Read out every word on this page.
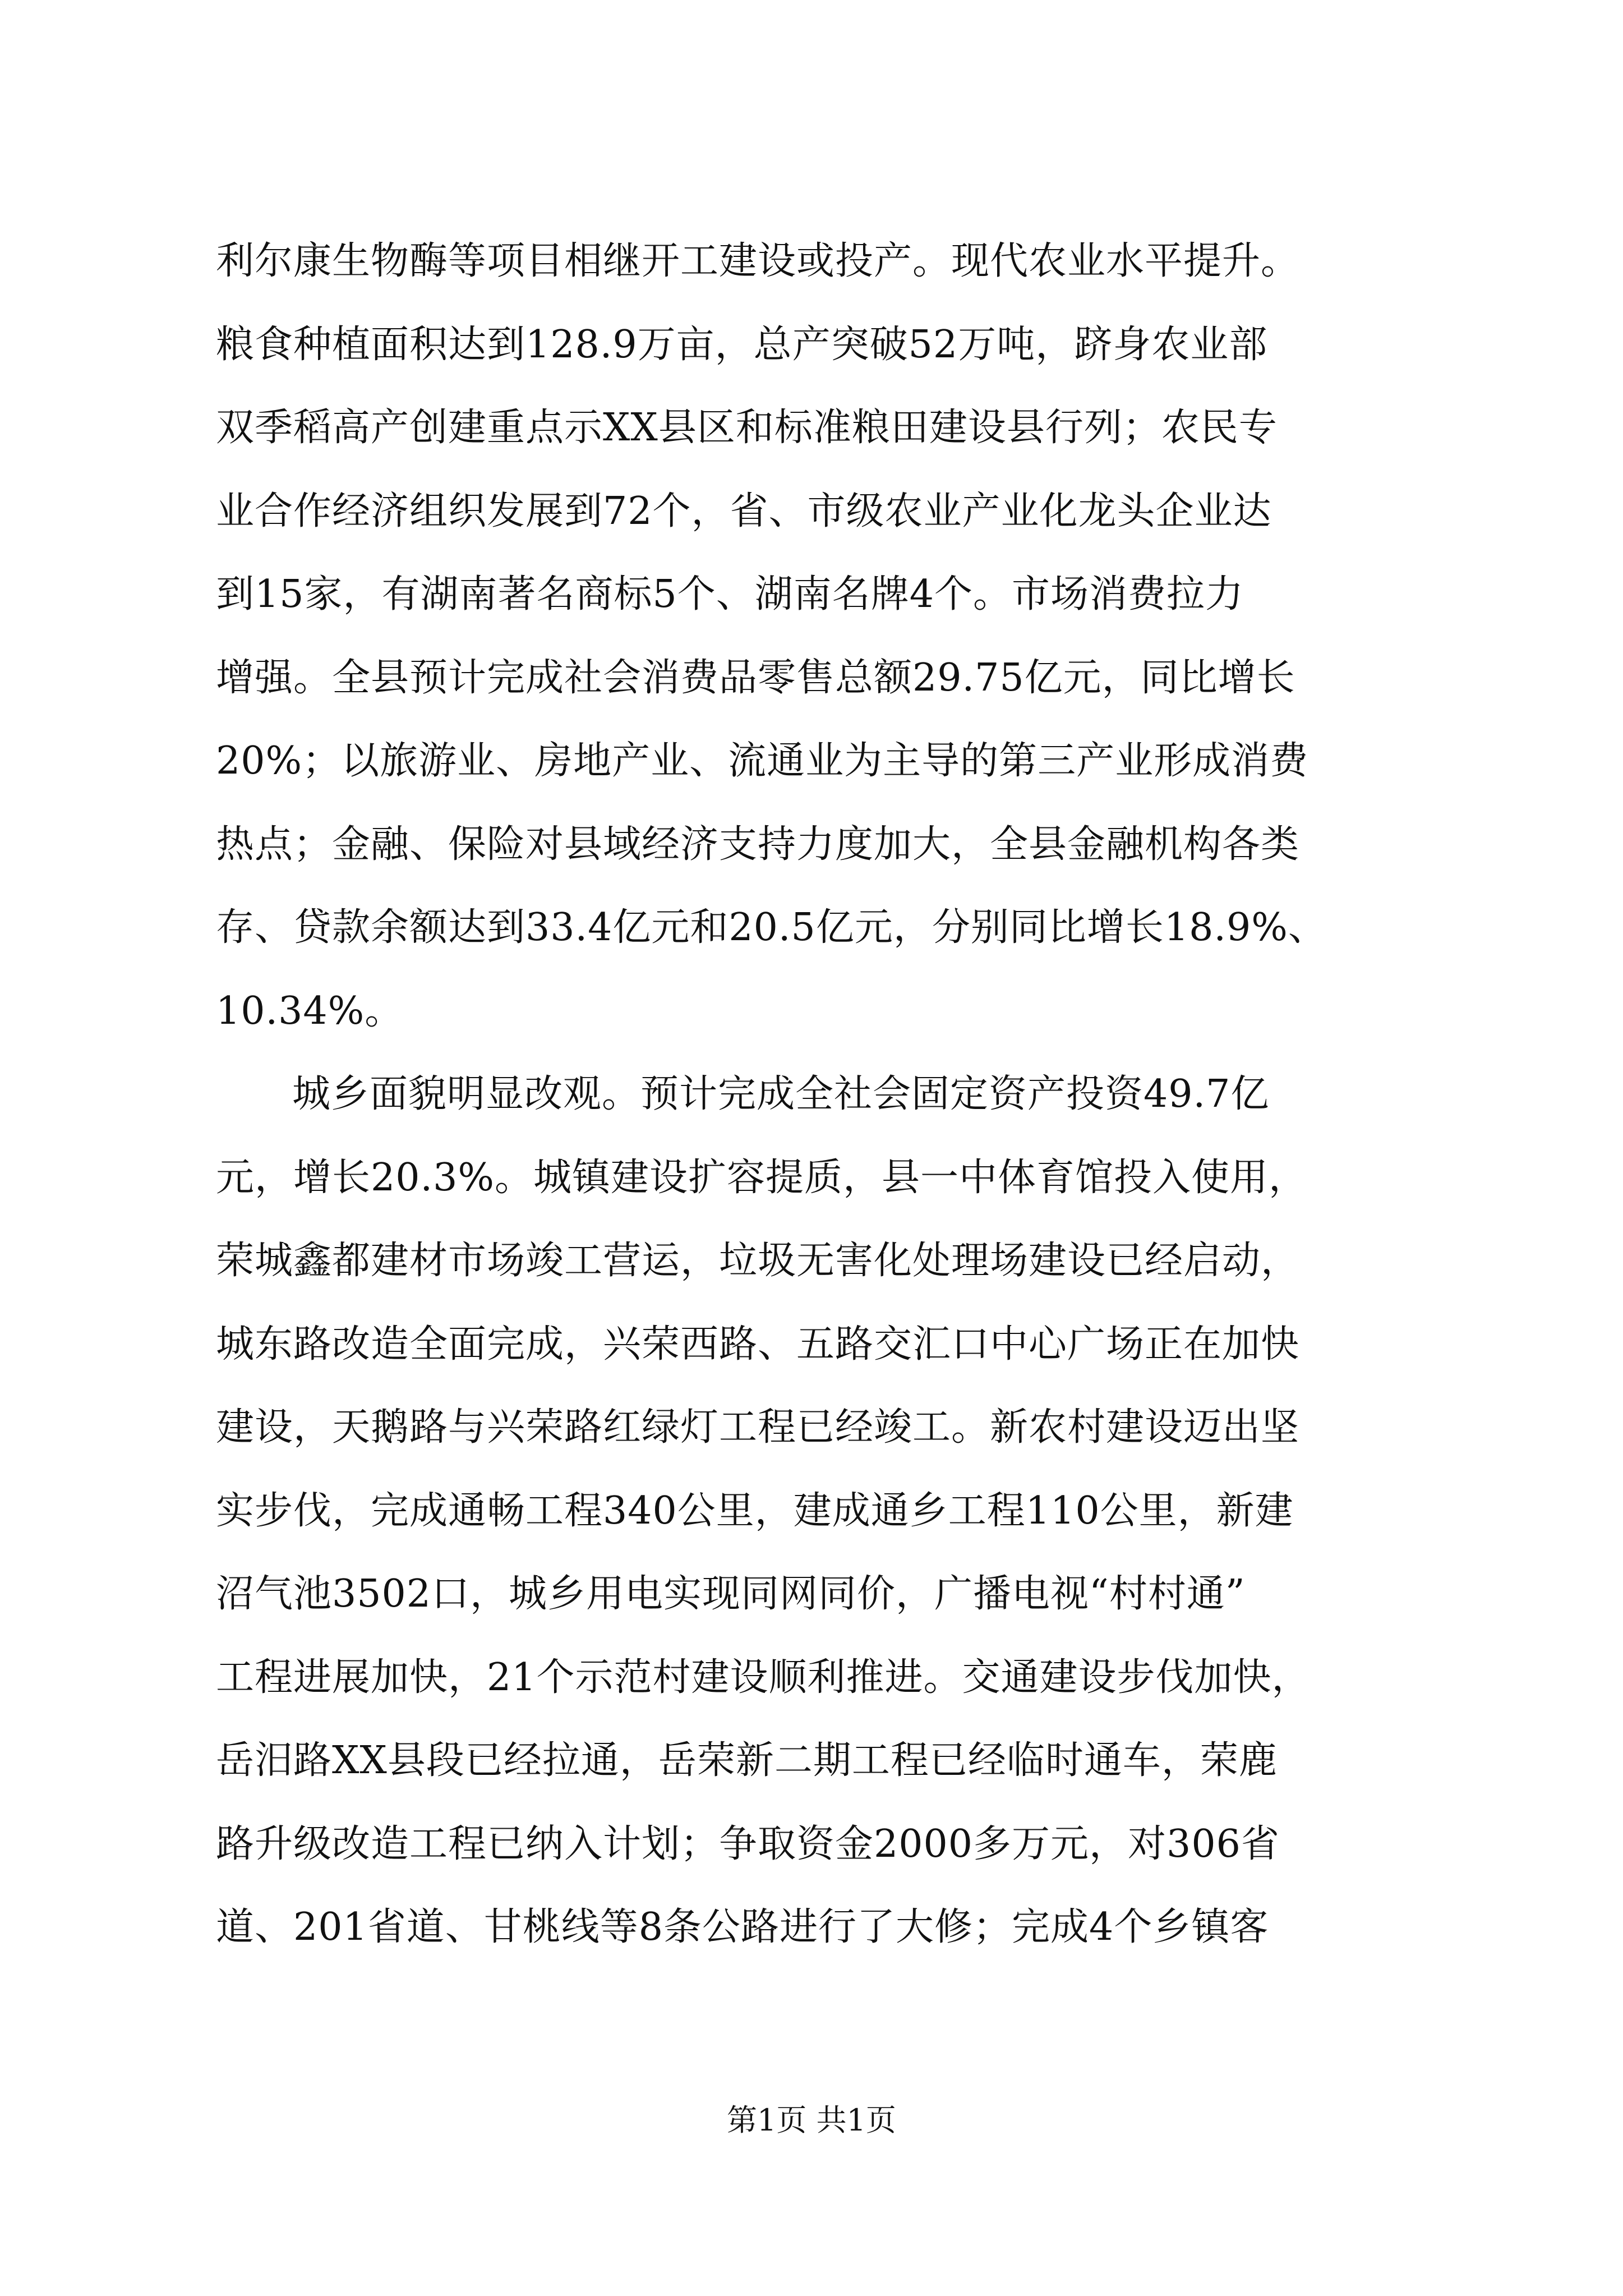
利尔康生物酶等项目相继开工建设或投产。现代农业水平提升。
粮食种植面积达到128.9万亩，总产突破52万吨，跻身农业部
双季稻高产创建重点示XX县区和标准粮田建设县行列；农民专
业合作经济组织发展到72个，省、市级农业产业化龙头企业达
到15家，有湖南著名商标5个、湖南名牌4个。市场消费拉力
增强。全县预计完成社会消费品零售总额29.75亿元，同比增长
20%；以旅游业、房地产业、流通业为主导的第三产业形成消费
热点；金融、保险对县域经济支持力度加大，全县金融机构各类
存、贷款余额达到33.4亿元和20.5亿元，分别同比增长18.9%、
10.34%。
城乡面貌明显改观。预计完成全社会固定资产投资49.7亿
元，增长20.3%。城镇建设扩容提质，县一中体育馆投入使用，
荣城鑫都建材市场竣工营运，垃圾无害化处理场建设已经启动，
城东路改造全面完成，兴荣西路、五路交汇口中心广场正在加快
建设，天鹅路与兴荣路红绿灯工程已经竣工。新农村建设迈出坚
实步伐，完成通畅工程340公里，建成通乡工程110公里，新建
沼气池3502口，城乡用电实现同网同价，广播电视“村村通”
工程进展加快，21个示范村建设顺利推进。交通建设步伐加快，
岳汨路XX县段已经拉通，岳荣新二期工程已经临时通车，荣鹿
路升级改造工程已纳入计划；争取资金2000多万元，对306省
道、201省道、甘桃线等8条公路进行了大修；完成4个乡镇客
第1页 共1页
